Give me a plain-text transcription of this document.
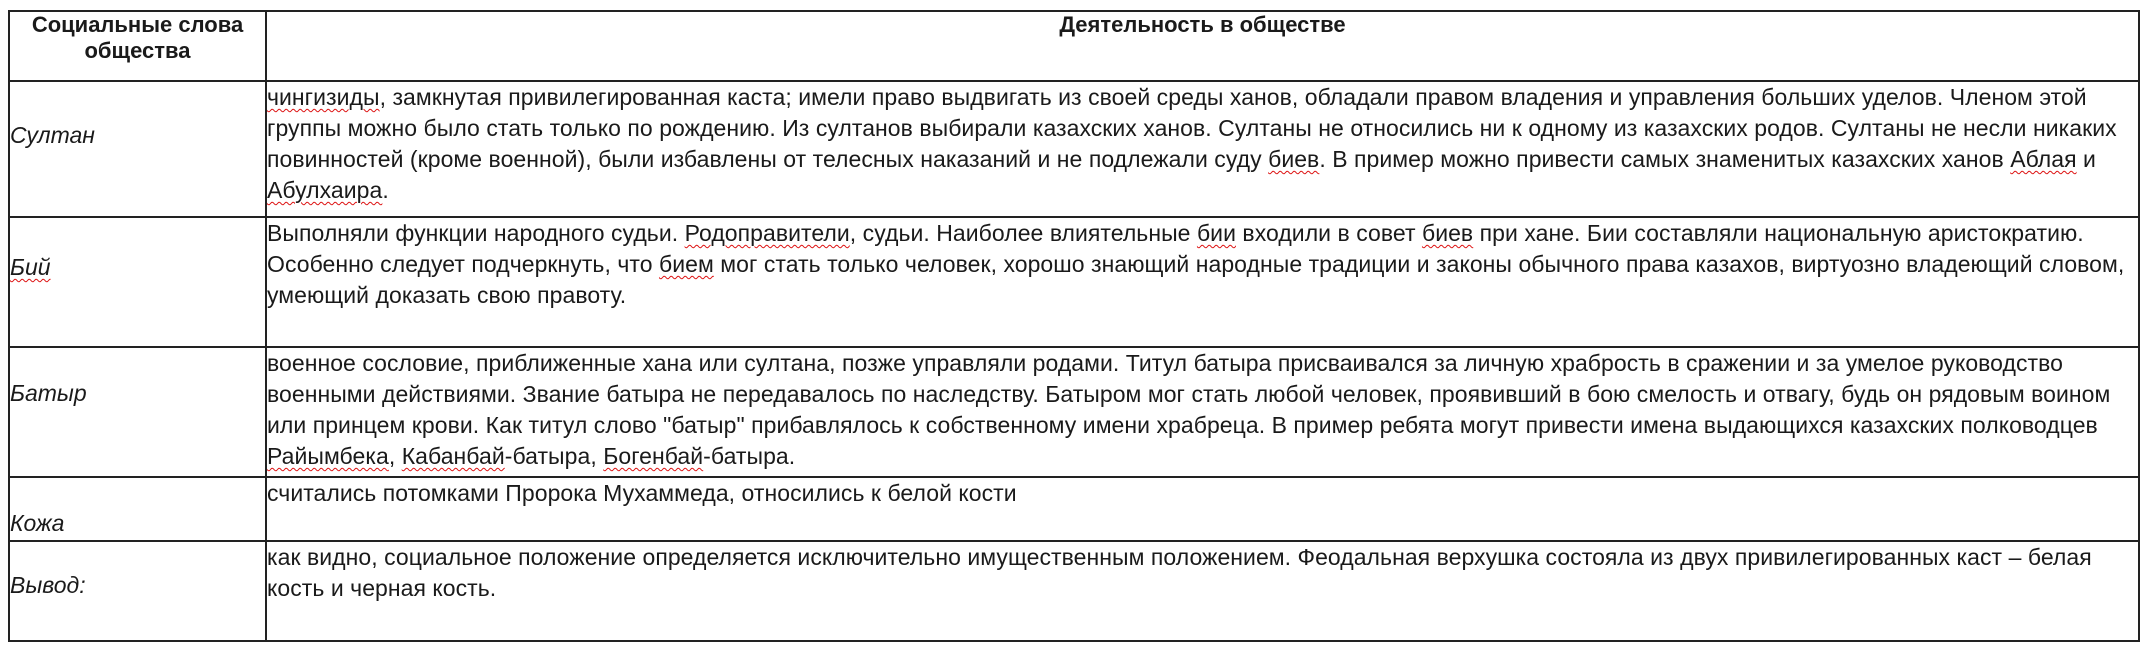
Социальные слова общества	Деятельность в обществе
Султан	чингизиды, замкнутая привилегированная каста; имели право выдвигать из своей среды ханов, обладали правом владения и управления больших уделов. Членом этой группы можно было стать только по рождению. Из султанов выбирали казахских ханов. Султаны не относились ни к одному из казахских родов. Султаны не несли никаких повинностей (кроме военной), были избавлены от телесных наказаний и не подлежали суду биев. В пример можно привести самых знаменитых казахских ханов Аблая и Абулхаира.
Бий	Выполняли функции народного судьи. Родоправители, судьи. Наиболее влиятельные бии входили в совет биев при хане. Бии составляли национальную аристократию. Особенно следует подчеркнуть, что бием мог стать только человек, хорошо знающий народные традиции и законы обычного права казахов, виртуозно владеющий словом, умеющий доказать свою правоту.
Батыр	военное сословие, приближенные хана или султана, позже управляли родами. Титул батыра присваивался за личную храбрость в сражении и за умелое руководство военными действиями. Звание батыра не передавалось по наследству. Батыром мог стать любой человек, проявивший в бою смелость и отвагу, будь он рядовым воином или принцем крови. Как титул слово "батыр" прибавлялось к собственному имени храбреца. В пример ребята могут привести имена выдающихся казахских полководцев Райымбека, Кабанбай-батыра, Богенбай-батыра.
Кожа	считались потомками Пророка Мухаммеда, относились к белой кости
Вывод:	как видно, социальное положение определяется исключительно имущественным положением. Феодальная верхушка состояла из двух привилегированных каст – белая кость и черная кость.
